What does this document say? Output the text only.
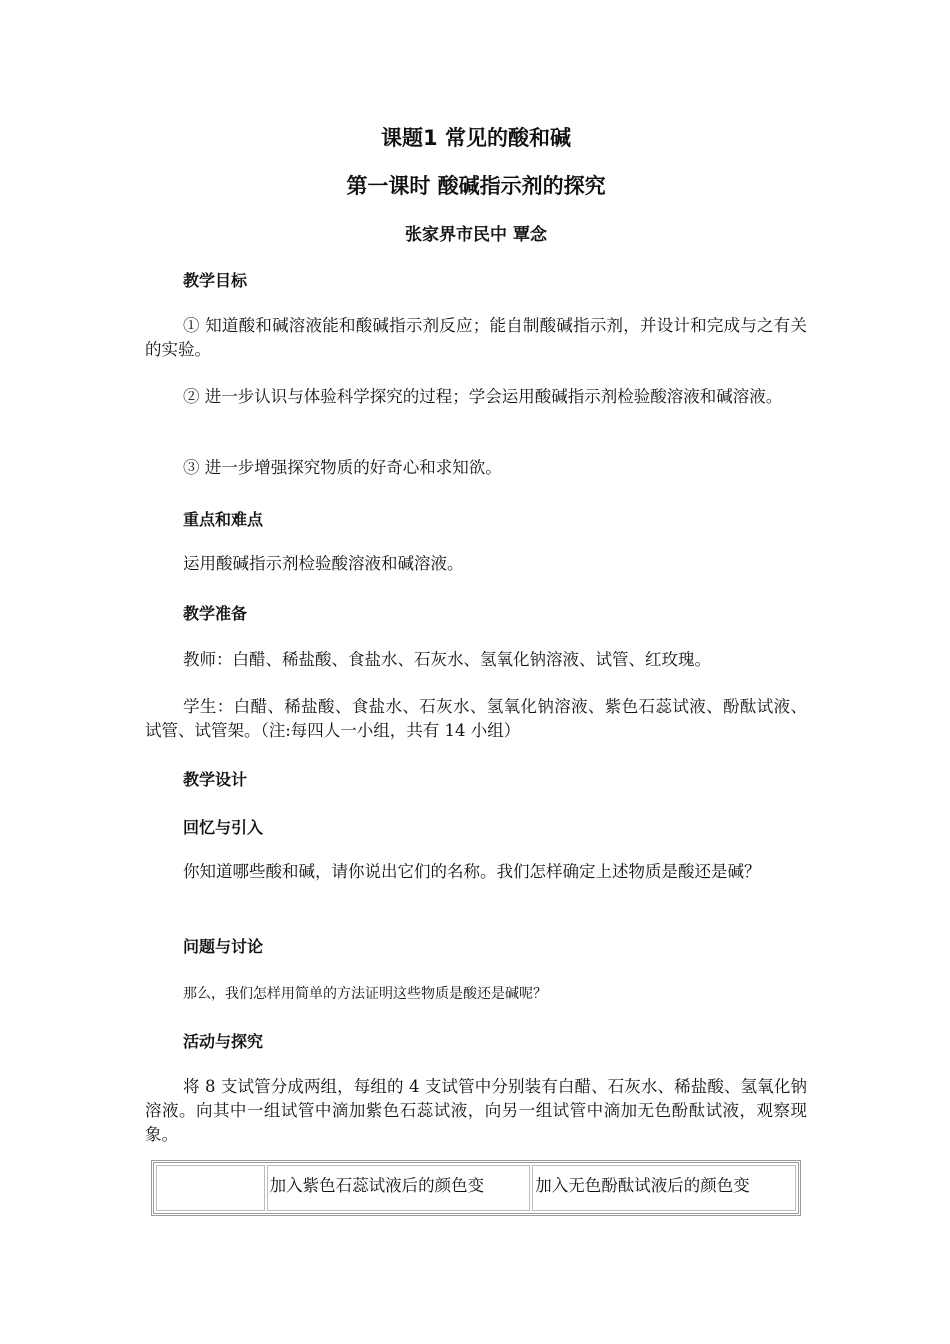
课题1 常见的酸和碱
第一课时 酸碱指示剂的探究
张家界市民中 覃念
教学目标
① 知道酸和碱溶液能和酸碱指示剂反应；能自制酸碱指示剂，并设计和完成与之有关的实验。
② 进一步认识与体验科学探究的过程；学会运用酸碱指示剂检验酸溶液和碱溶液。
③ 进一步增强探究物质的好奇心和求知欲。
重点和难点
运用酸碱指示剂检验酸溶液和碱溶液。
教学准备
教师：白醋、稀盐酸、食盐水、石灰水、氢氧化钠溶液、试管、红玫瑰。
学生：白醋、稀盐酸、食盐水、石灰水、氢氧化钠溶液、紫色石蕊试液、酚酞试液、试管、试管架。（注:每四人一小组，共有 14 小组）
教学设计
回忆与引入
你知道哪些酸和碱，请你说出它们的名称。我们怎样确定上述物质是酸还是碱？
问题与讨论
那么，我们怎样用简单的方法证明这些物质是酸还是碱呢？
活动与探究
将 8 支试管分成两组，每组的 4 支试管中分别装有白醋、石灰水、稀盐酸、氢氧化钠溶液。向其中一组试管中滴加紫色石蕊试液，向另一组试管中滴加无色酚酞试液，观察现象。
	加入紫色石蕊试液后的颜色变	加入无色酚酞试液后的颜色变
